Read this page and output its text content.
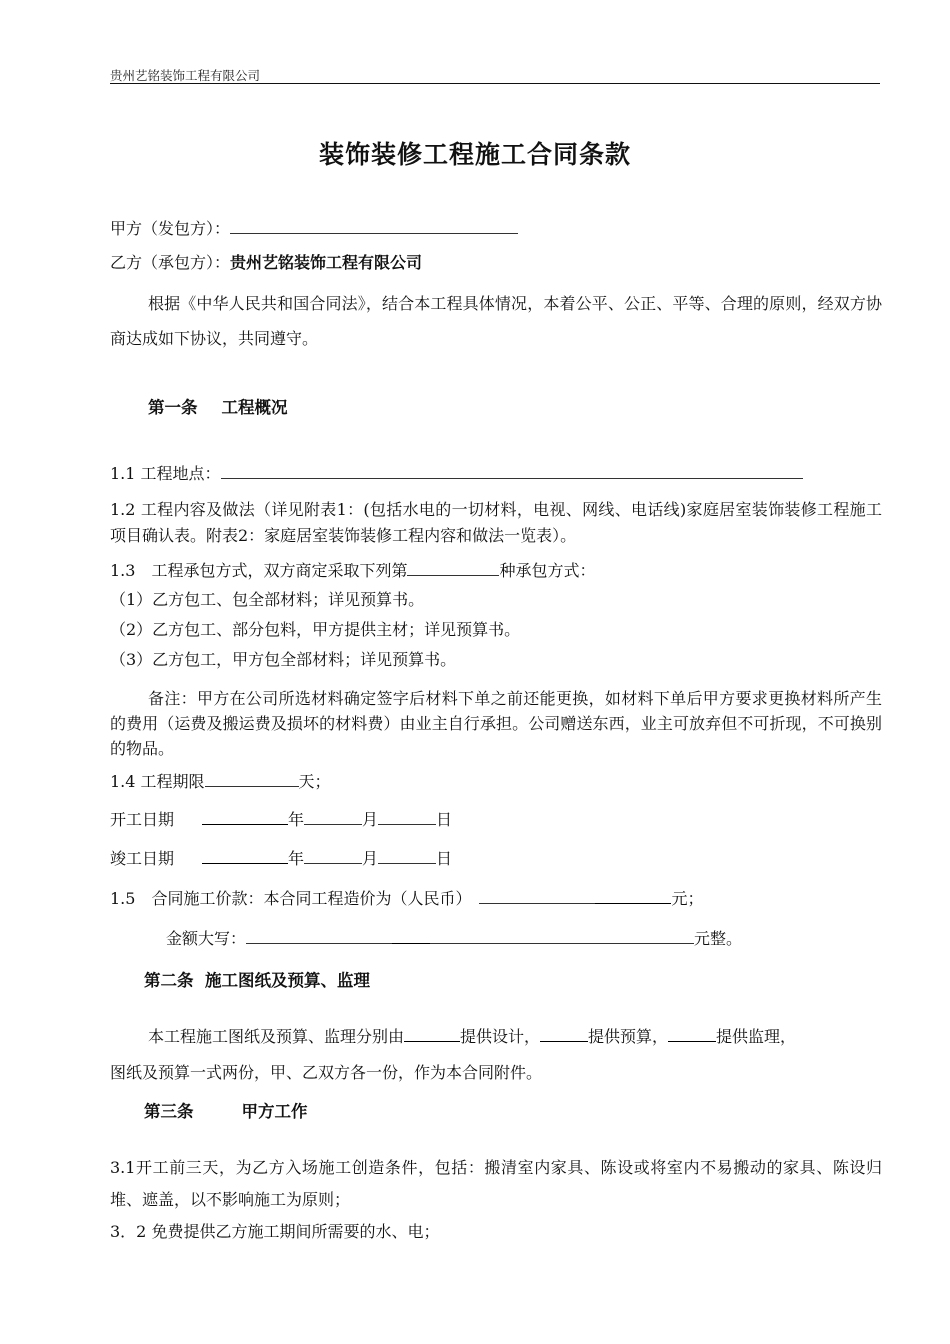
贵州艺铭装饰工程有限公司
装饰装修工程施工合同条款
甲方（发包方）：
乙方（承包方）：贵州艺铭装饰工程有限公司
根据《中华人民共和国合同法》，结合本工程具体情况，本着公平、公正、平等、合理的原则，经双方协商达成如下协议，共同遵守。
第一条 工程概况
1.1 工程地点：
1.2 工程内容及做法（详见附表1：(包括水电的一切材料，电视、网线、电话线)家庭居室装饰装修工程施工项目确认表。附表2：家庭居室装饰装修工程内容和做法一览表）。
1.3　工程承包方式，双方商定采取下列第	种承包方式：
（1）乙方包工、包全部材料；详见预算书。
（2）乙方包工、部分包料，甲方提供主材；详见预算书。
（3）乙方包工，甲方包全部材料；详见预算书。
备注：甲方在公司所选材料确定签字后材料下单之前还能更换，如材料下单后甲方要求更换材料所产生的费用（运费及搬运费及损坏的材料费）由业主自行承担。公司赠送东西，业主可放弃但不可折现，不可换别的物品。
1.4 工程期限	天；
开工日期	年	月	日
竣工日期	年	月	日
1.5　合同施工价款：本合同工程造价为（人民币）	元；
金额大写：	元整。
第二条  施工图纸及预算、监理
本工程施工图纸及预算、监理分别由	提供设计，	提供预算，	提供监理，
图纸及预算一式两份，甲、乙双方各一份，作为本合同附件。
第三条	甲方工作
3.1开工前三天，为乙方入场施工创造条件，包括：搬清室内家具、陈设或将室内不易搬动的家具、陈设归堆、遮盖，以不影响施工为原则；
3．2 免费提供乙方施工期间所需要的水、电；
